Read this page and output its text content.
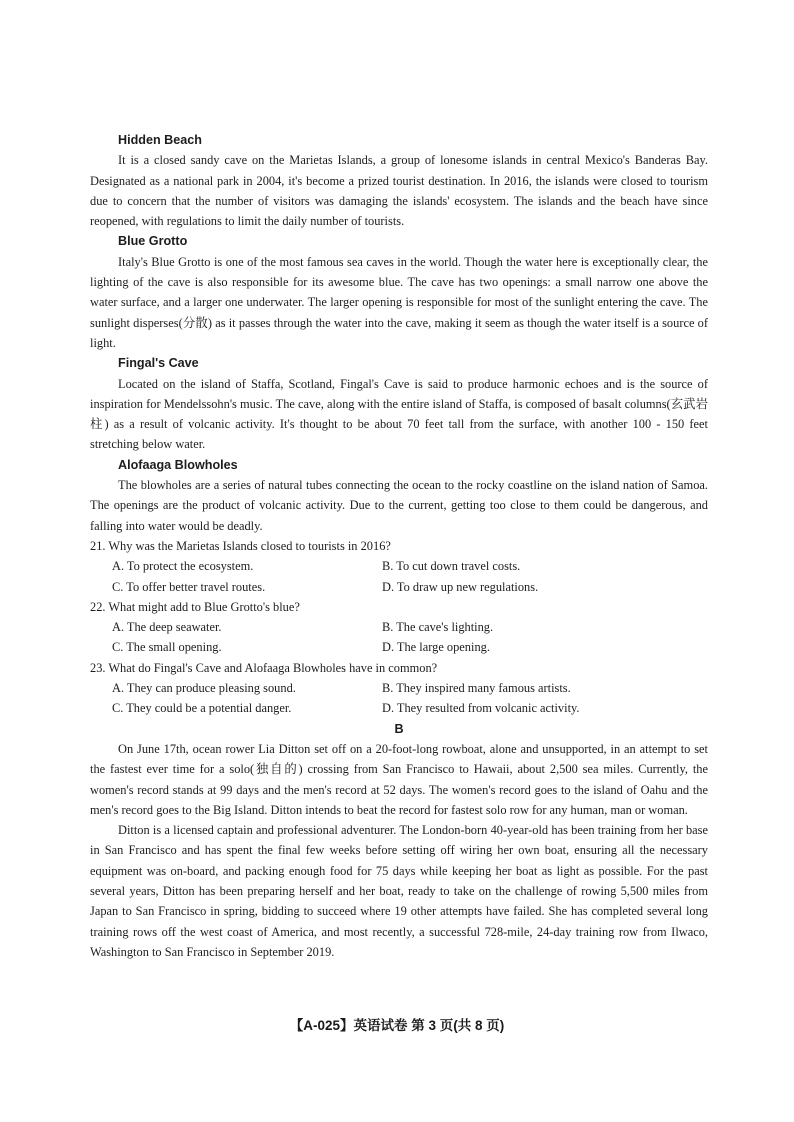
Hidden Beach

It is a closed sandy cave on the Marietas Islands, a group of lonesome islands in central Mexico's Banderas Bay. Designated as a national park in 2004, it's become a prized tourist destination. In 2016, the islands were closed to tourism due to concern that the number of visitors was damaging the islands' ecosystem. The islands and the beach have since reopened, with regulations to limit the daily number of tourists.

Blue Grotto

Italy's Blue Grotto is one of the most famous sea caves in the world. Though the water here is exceptionally clear, the lighting of the cave is also responsible for its awesome blue. The cave has two openings: a small narrow one above the water surface, and a larger one underwater. The larger opening is responsible for most of the sunlight entering the cave. The sunlight disperses(分散) as it passes through the water into the cave, making it seem as though the water itself is a source of light.

Fingal's Cave

Located on the island of Staffa, Scotland, Fingal's Cave is said to produce harmonic echoes and is the source of inspiration for Mendelssohn's music. The cave, along with the entire island of Staffa, is composed of basalt columns(玄武岩柱) as a result of volcanic activity. It's thought to be about 70 feet tall from the surface, with another 100 - 150 feet stretching below water.

Alofaaga Blowholes

The blowholes are a series of natural tubes connecting the ocean to the rocky coastline on the island nation of Samoa. The openings are the product of volcanic activity. Due to the current, getting too close to them could be dangerous, and falling into water would be deadly.

21. Why was the Marietas Islands closed to tourists in 2016?

A. To protect the ecosystem.	B. To cut down travel costs.
C. To offer better travel routes.	D. To draw up new regulations.

22. What might add to Blue Grotto's blue?

A. The deep seawater.	B. The cave's lighting.
C. The small opening.	D. The large opening.

23. What do Fingal's Cave and Alofaaga Blowholes have in common?

A. They can produce pleasing sound.	B. They inspired many famous artists.
C. They could be a potential danger.	D. They resulted from volcanic activity.
B

On June 17th, ocean rower Lia Ditton set off on a 20-foot-long rowboat, alone and unsupported, in an attempt to set the fastest ever time for a solo(独自的) crossing from San Francisco to Hawaii, about 2,500 sea miles. Currently, the women's record stands at 99 days and the men's record at 52 days. The women's record goes to the island of Oahu and the men's record goes to the Big Island. Ditton intends to beat the record for fastest solo row for any human, man or woman.

Ditton is a licensed captain and professional adventurer. The London-born 40-year-old has been training from her base in San Francisco and has spent the final few weeks before setting off wiring her own boat, ensuring all the necessary equipment was on-board, and packing enough food for 75 days while keeping her boat as light as possible. For the past several years, Ditton has been preparing herself and her boat, ready to take on the challenge of rowing 5,500 miles from Japan to San Francisco in spring, bidding to succeed where 19 other attempts have failed. She has completed several long training rows off the west coast of America, and most recently, a successful 728-mile, 24-day training row from Ilwaco, Washington to San Francisco in September 2019.

【A-025】英语试卷 第 3 页(共 8 页)
